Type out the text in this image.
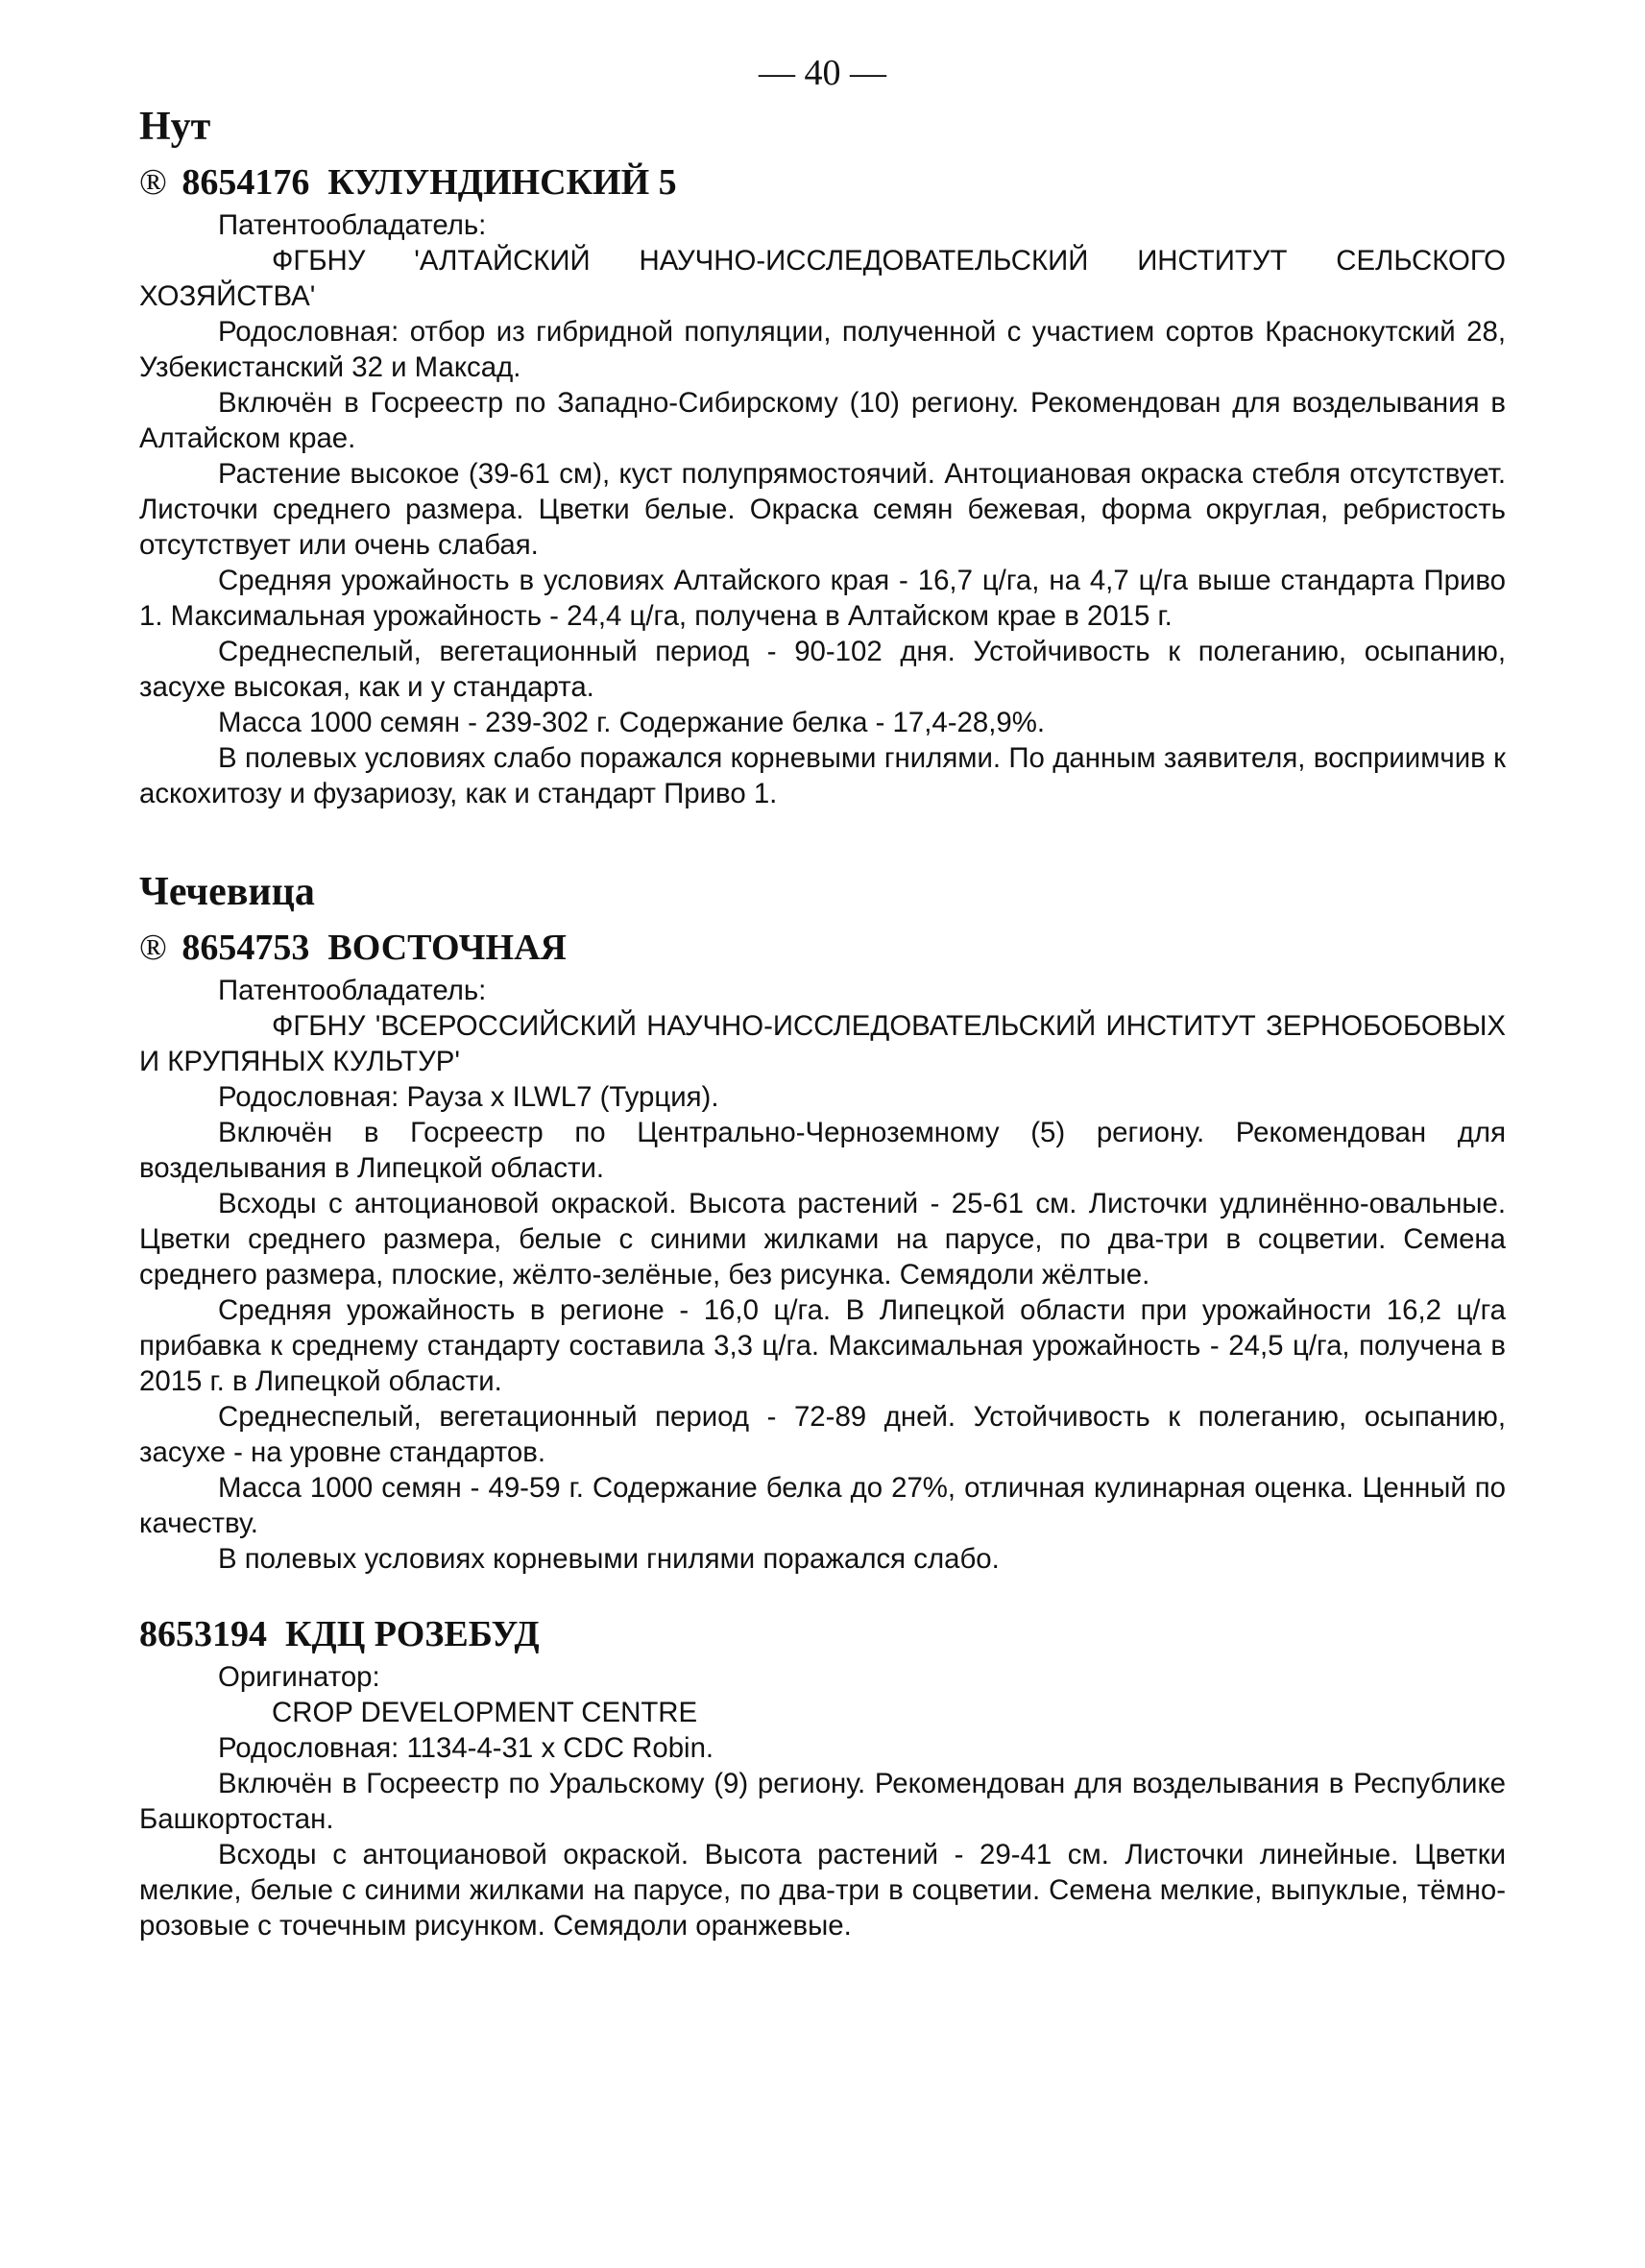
— 40 —
Нут
® 8654176 КУЛУНДИНСКИЙ 5

Патентообладатель:

ФГБНУ 'АЛТАЙСКИЙ НАУЧНО-ИССЛЕДОВАТЕЛЬСКИЙ ИНСТИТУТ СЕЛЬСКОГО ХОЗЯЙСТВА'

Родословная: отбор из гибридной популяции, полученной с участием сортов Краснокутский 28, Узбекистанский 32 и Максад.

Включён в Госреестр по Западно-Сибирскому (10) региону. Рекомендован для возделывания в Алтайском крае.

Растение высокое (39-61 см), куст полупрямостоячий. Антоциановая окраска стебля отсутствует. Листочки среднего размера. Цветки белые. Окраска семян бежевая, форма округлая, ребристость отсутствует или очень слабая.

Средняя урожайность в условиях Алтайского края - 16,7 ц/га, на 4,7 ц/га выше стандарта Приво 1. Максимальная урожайность - 24,4 ц/га, получена в Алтайском крае в 2015 г.

Среднеспелый, вегетационный период - 90-102 дня. Устойчивость к полеганию, осыпанию, засухе высокая, как и у стандарта.

Масса 1000 семян - 239-302 г. Содержание белка - 17,4-28,9%.

В полевых условиях слабо поражался корневыми гнилями. По данным заявителя, восприимчив к аскохитозу и фузариозу, как и стандарт Приво 1.

Чечевица
® 8654753 ВОСТОЧНАЯ

Патентообладатель:

ФГБНУ 'ВСЕРОССИЙСКИЙ НАУЧНО-ИССЛЕДОВАТЕЛЬСКИЙ ИНСТИТУТ ЗЕРНОБОБОВЫХ И КРУПЯНЫХ КУЛЬТУР'

Родословная: Рауза x ILWL7 (Турция).

Включён в Госреестр по Центрально-Черноземному (5) региону. Рекомендован для возделывания в Липецкой области.

Всходы с антоциановой окраской. Высота растений - 25-61 см. Листочки удлинённо-овальные. Цветки среднего размера, белые с синими жилками на парусе, по два-три в соцветии. Семена среднего размера, плоские, жёлто-зелёные, без рисунка. Семядоли жёлтые.

Средняя урожайность в регионе - 16,0 ц/га. В Липецкой области при урожайности 16,2 ц/га прибавка к среднему стандарту составила 3,3 ц/га. Максимальная урожайность - 24,5 ц/га, получена в 2015 г. в Липецкой области.

Среднеспелый, вегетационный период - 72-89 дней. Устойчивость к полеганию, осыпанию, засухе - на уровне стандартов.

Масса 1000 семян - 49-59 г. Содержание белка до 27%, отличная кулинарная оценка. Ценный по качеству.

В полевых условиях корневыми гнилями поражался слабо.

8653194 КДЦ РОЗЕБУД

Оригинатор:

CROP DEVELOPMENT CENTRE

Родословная: 1134-4-31 x CDC Robin.

Включён в Госреестр по Уральскому (9) региону. Рекомендован для возделывания в Республике Башкортостан.

Всходы с антоциановой окраской. Высота растений - 29-41 см. Листочки линейные. Цветки мелкие, белые с синими жилками на парусе, по два-три в соцветии. Семена мелкие, выпуклые, тёмно-розовые с точечным рисунком. Семядоли оранжевые.
